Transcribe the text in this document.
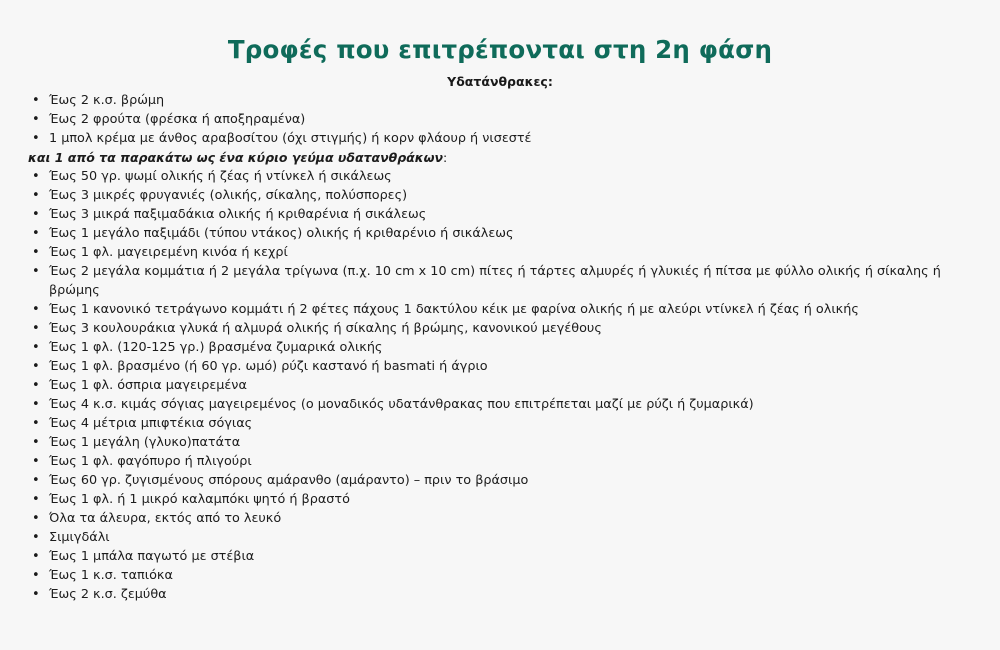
Τροφές που επιτρέπονται στη 2η φάση
Υδατάνθρακες:
• Έως 2 κ.σ. βρώμη
• Έως 2 φρούτα (φρέσκα ή αποξηραμένα)
• 1 μπολ κρέμα με άνθος αραβοσίτου (όχι στιγμής) ή κορν φλάουρ ή νισεστέ

και 1 από τα παρακάτω ως ένα κύριο γεύμα υδατανθράκων:

• Έως 50 γρ. ψωμί ολικής ή ζέας ή ντίνκελ ή σικάλεως
• Έως 3 μικρές φρυγανιές (ολικής, σίκαλης, πολύσπορες)
• Έως 3 μικρά παξιμαδάκια ολικής ή κριθαρένια ή σικάλεως
• Έως 1 μεγάλο παξιμάδι (τύπου ντάκος) ολικής ή κριθαρένιο ή σικάλεως
• Έως 1 φλ. μαγειρεμένη κινόα ή κεχρί
• Έως 2 μεγάλα κομμάτια ή 2 μεγάλα τρίγωνα (π.χ. 10 cm x 10 cm) πίτες ή τάρτες αλμυρές ή γλυκιές ή πίτσα με φύλλο ολικής ή σίκαλης ή βρώμης
• Έως 1 κανονικό τετράγωνο κομμάτι ή 2 φέτες πάχους 1 δακτύλου κέικ με φαρίνα ολικής ή με αλεύρι ντίνκελ ή ζέας ή ολικής
• Έως 3 κουλουράκια γλυκά ή αλμυρά ολικής ή σίκαλης ή βρώμης, κανονικού μεγέθους
• Έως 1 φλ. (120-125 γρ.) βρασμένα ζυμαρικά ολικής
• Έως 1 φλ. βρασμένο (ή 60 γρ. ωμό) ρύζι καστανό ή basmati ή άγριο
• Έως 1 φλ. όσπρια μαγειρεμένα
• Έως 4 κ.σ. κιμάς σόγιας μαγειρεμένος (ο μοναδικός υδατάνθρακας που επιτρέπεται μαζί με ρύζι ή ζυμαρικά)
• Έως 4 μέτρια μπιφτέκια σόγιας
• Έως 1 μεγάλη (γλυκο)πατάτα
• Έως 1 φλ. φαγόπυρο ή πλιγούρι
• Έως 60 γρ. ζυγισμένους σπόρους αμάρανθο (αμάραντο) – πριν το βράσιμο
• Έως 1 φλ. ή 1 μικρό καλαμπόκι ψητό ή βραστό
• Όλα τα άλευρα, εκτός από το λευκό
• Σιμιγδάλι
• Έως 1 μπάλα παγωτό με στέβια
• Έως 1 κ.σ. ταπιόκα
• Έως 2 κ.σ. ζεμύθα
